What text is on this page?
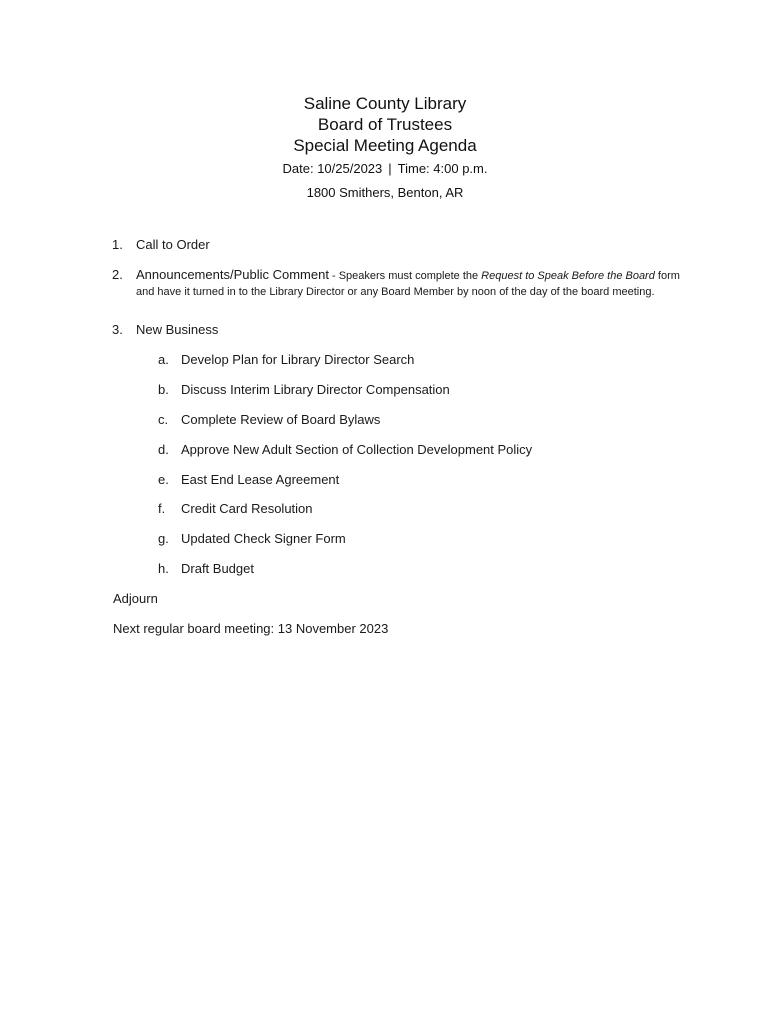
Saline County Library
Board of Trustees
Special Meeting Agenda
Date: 10/25/2023 | Time: 4:00 p.m.
1800 Smithers, Benton, AR
1.	Call to Order
2.	Announcements/Public Comment - Speakers must complete the Request to Speak Before the Board form and have it turned in to the Library Director or any Board Member by noon of the day of the board meeting.
3.	New Business
a. Develop Plan for Library Director Search
b. Discuss Interim Library Director Compensation
c. Complete Review of Board Bylaws
d. Approve New Adult Section of Collection Development Policy
e. East End Lease Agreement
f.	Credit Card Resolution
g. Updated Check Signer Form
h. Draft Budget
Adjourn
Next regular board meeting: 13 November 2023
